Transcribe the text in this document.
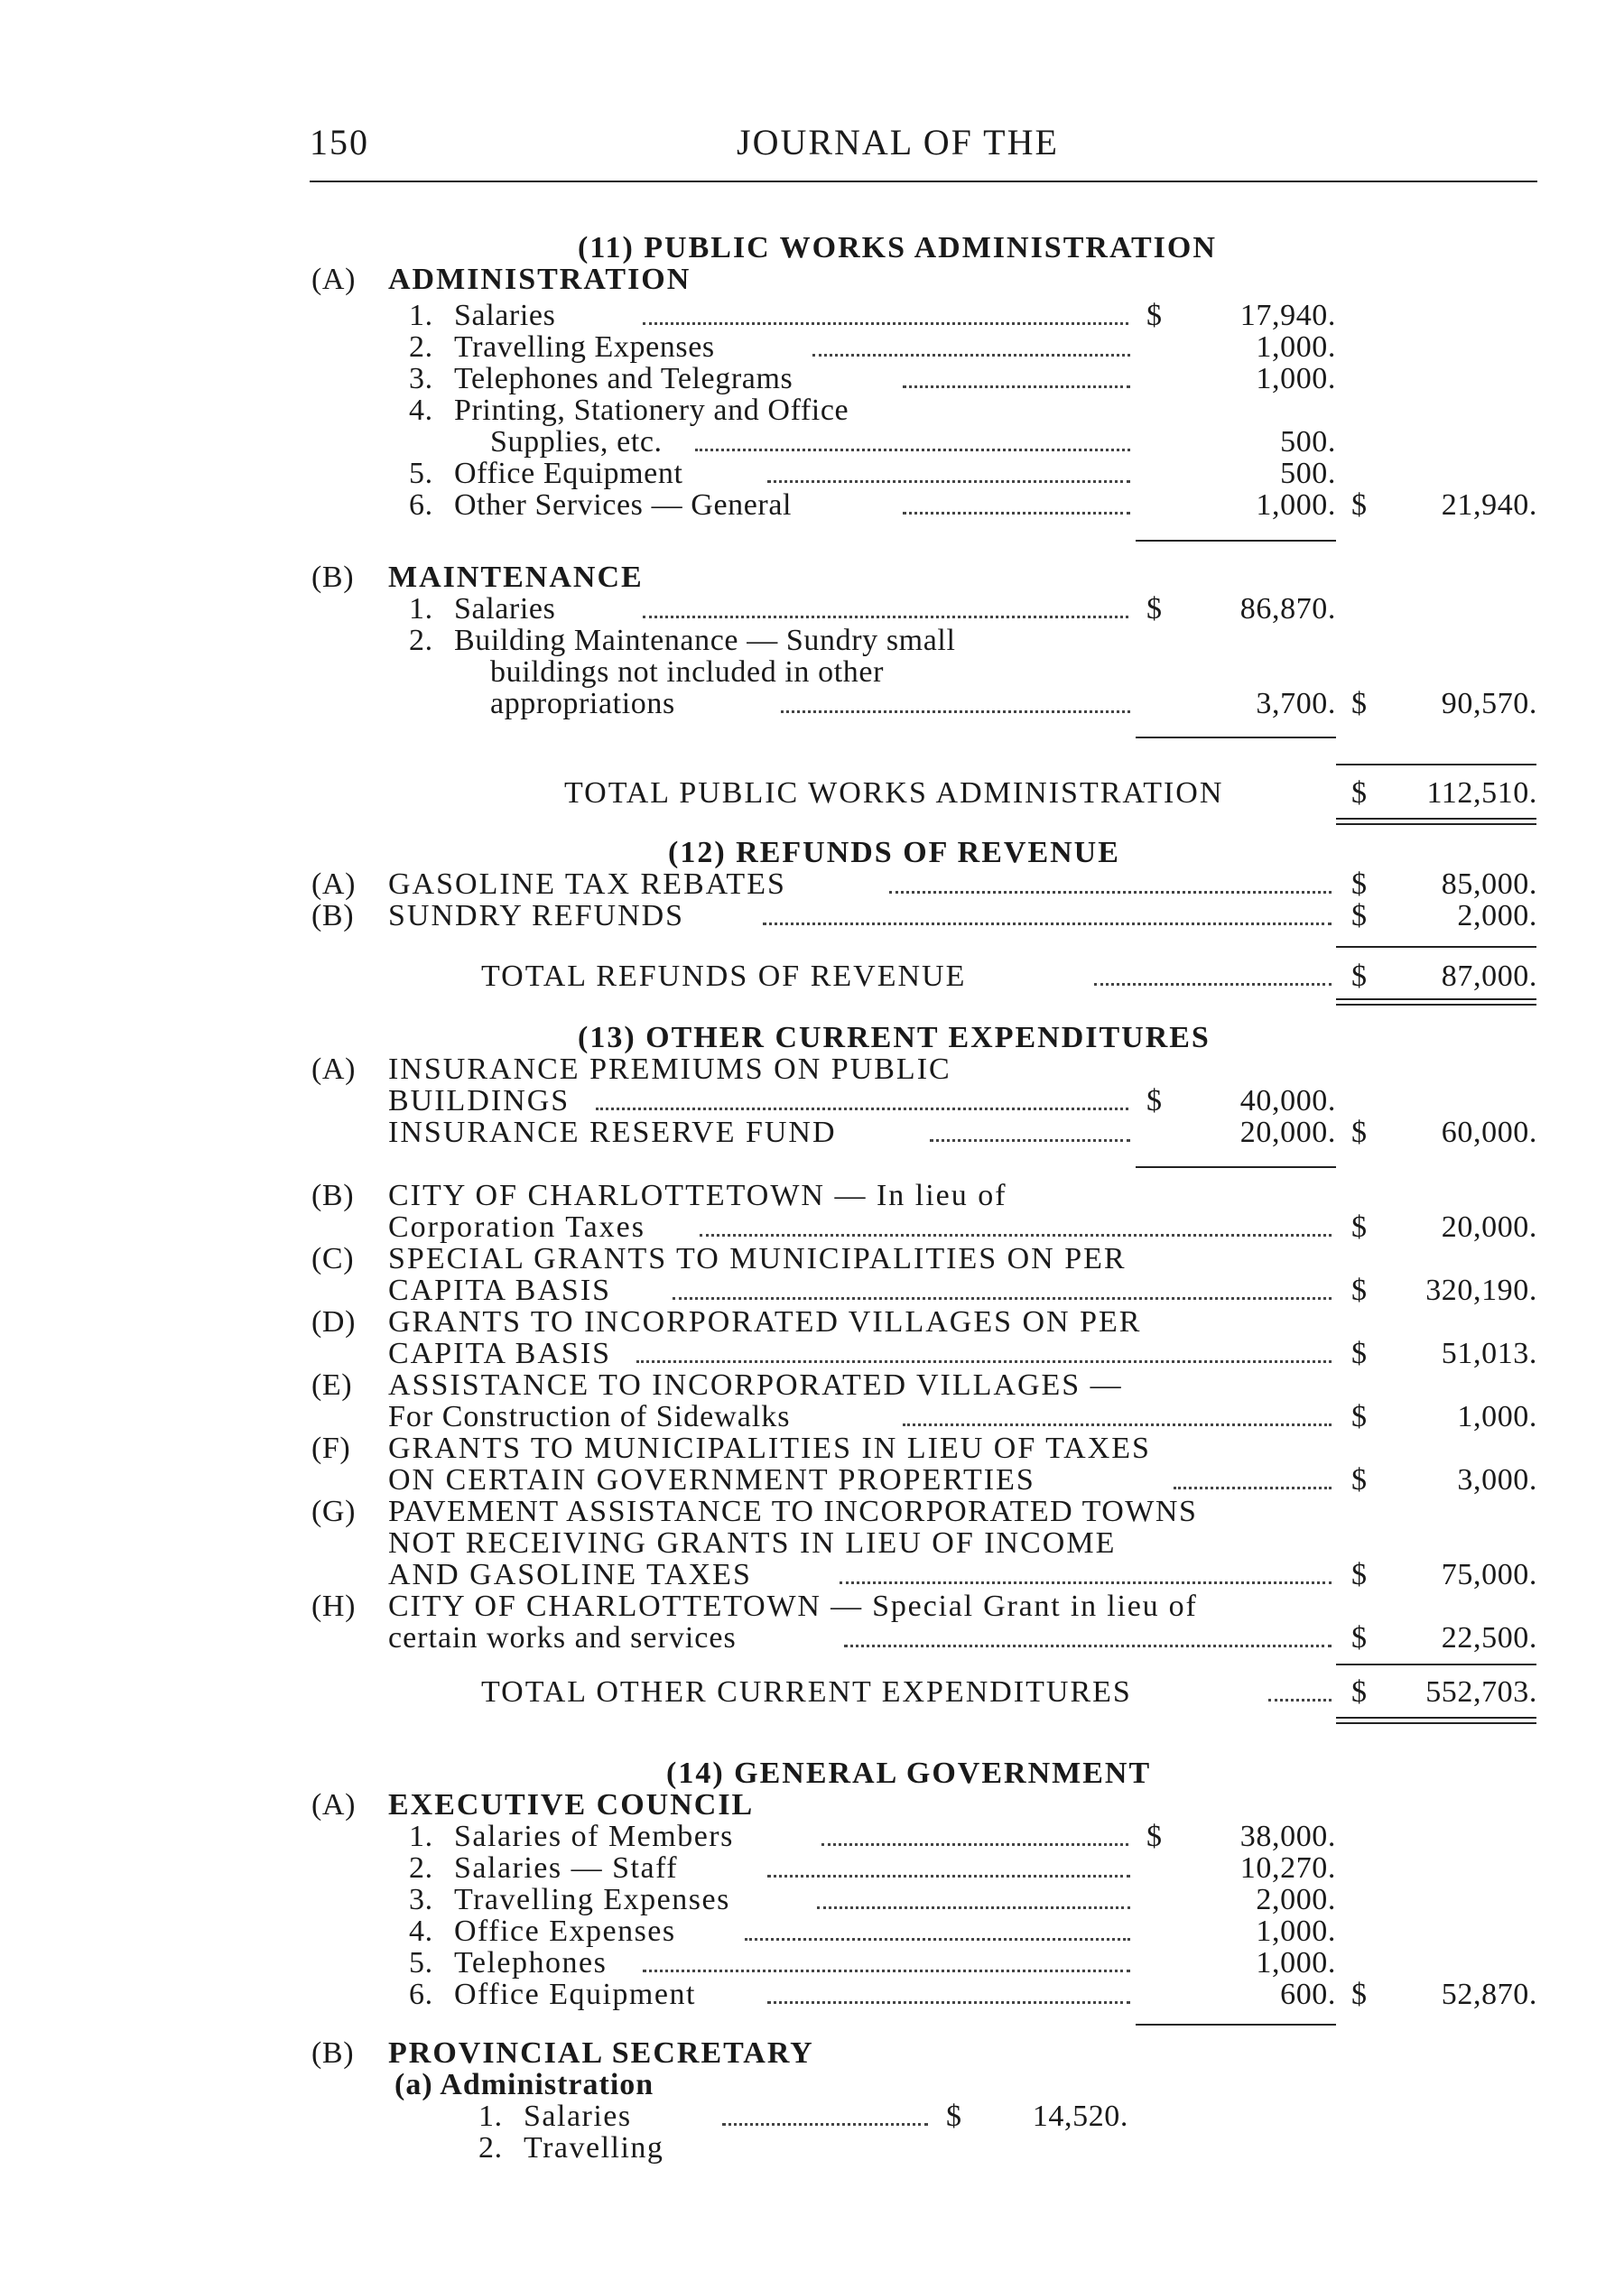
150	JOURNAL OF THE
(11) PUBLIC WORKS ADMINISTRATION
(A) ADMINISTRATION
1. Salaries	$	17,940.
2. Travelling Expenses	1,000.
3. Telephones and Telegrams	1,000.
4. Printing, Stationery and Office
Supplies, etc.	500.
5. Office Equipment	500.
6. Other Services — General	1,000. $	21,940.
(B) MAINTENANCE
1. Salaries	$	86,870.
2. Building Maintenance — Sundry small
buildings not included in other
appropriations	3,700. $	90,570.
TOTAL PUBLIC WORKS ADMINISTRATION	$	112,510.
(12) REFUNDS OF REVENUE
(A) GASOLINE TAX REBATES	$	85,000.
(B) SUNDRY REFUNDS	$	2,000.
TOTAL REFUNDS OF REVENUE	$	87,000.
(13) OTHER CURRENT EXPENDITURES
(A) INSURANCE PREMIUMS ON PUBLIC
BUILDINGS	$	40,000.
INSURANCE RESERVE FUND	20,000. $	60,000.
(B) CITY OF CHARLOTTETOWN — In lieu of
Corporation Taxes	$	20,000.
(C) SPECIAL GRANTS TO MUNICIPALITIES ON PER
CAPITA BASIS	$	320,190.
(D) GRANTS TO INCORPORATED VILLAGES ON PER
CAPITA BASIS	$	51,013.
(E) ASSISTANCE TO INCORPORATED VILLAGES —
For Construction of Sidewalks	$	1,000.
(F) GRANTS TO MUNICIPALITIES IN LIEU OF TAXES
ON CERTAIN GOVERNMENT PROPERTIES	$	3,000.
(G) PAVEMENT ASSISTANCE TO INCORPORATED TOWNS
NOT RECEIVING GRANTS IN LIEU OF INCOME
AND GASOLINE TAXES	$	75,000.
(H) CITY OF CHARLOTTETOWN — Special Grant in lieu of
certain works and services	$	22,500.
TOTAL OTHER CURRENT EXPENDITURES	$	552,703.
(14) GENERAL GOVERNMENT
(A) EXECUTIVE COUNCIL
1. Salaries of Members	$	38,000.
2. Salaries — Staff	10,270.
3. Travelling Expenses	2,000.
4. Office Expenses	1,000.
5. Telephones	1,000.
6. Office Equipment	600. $	52,870.
(B) PROVINCIAL SECRETARY
(a) Administration
1. Salaries	$	14,520.
2. Travelling
